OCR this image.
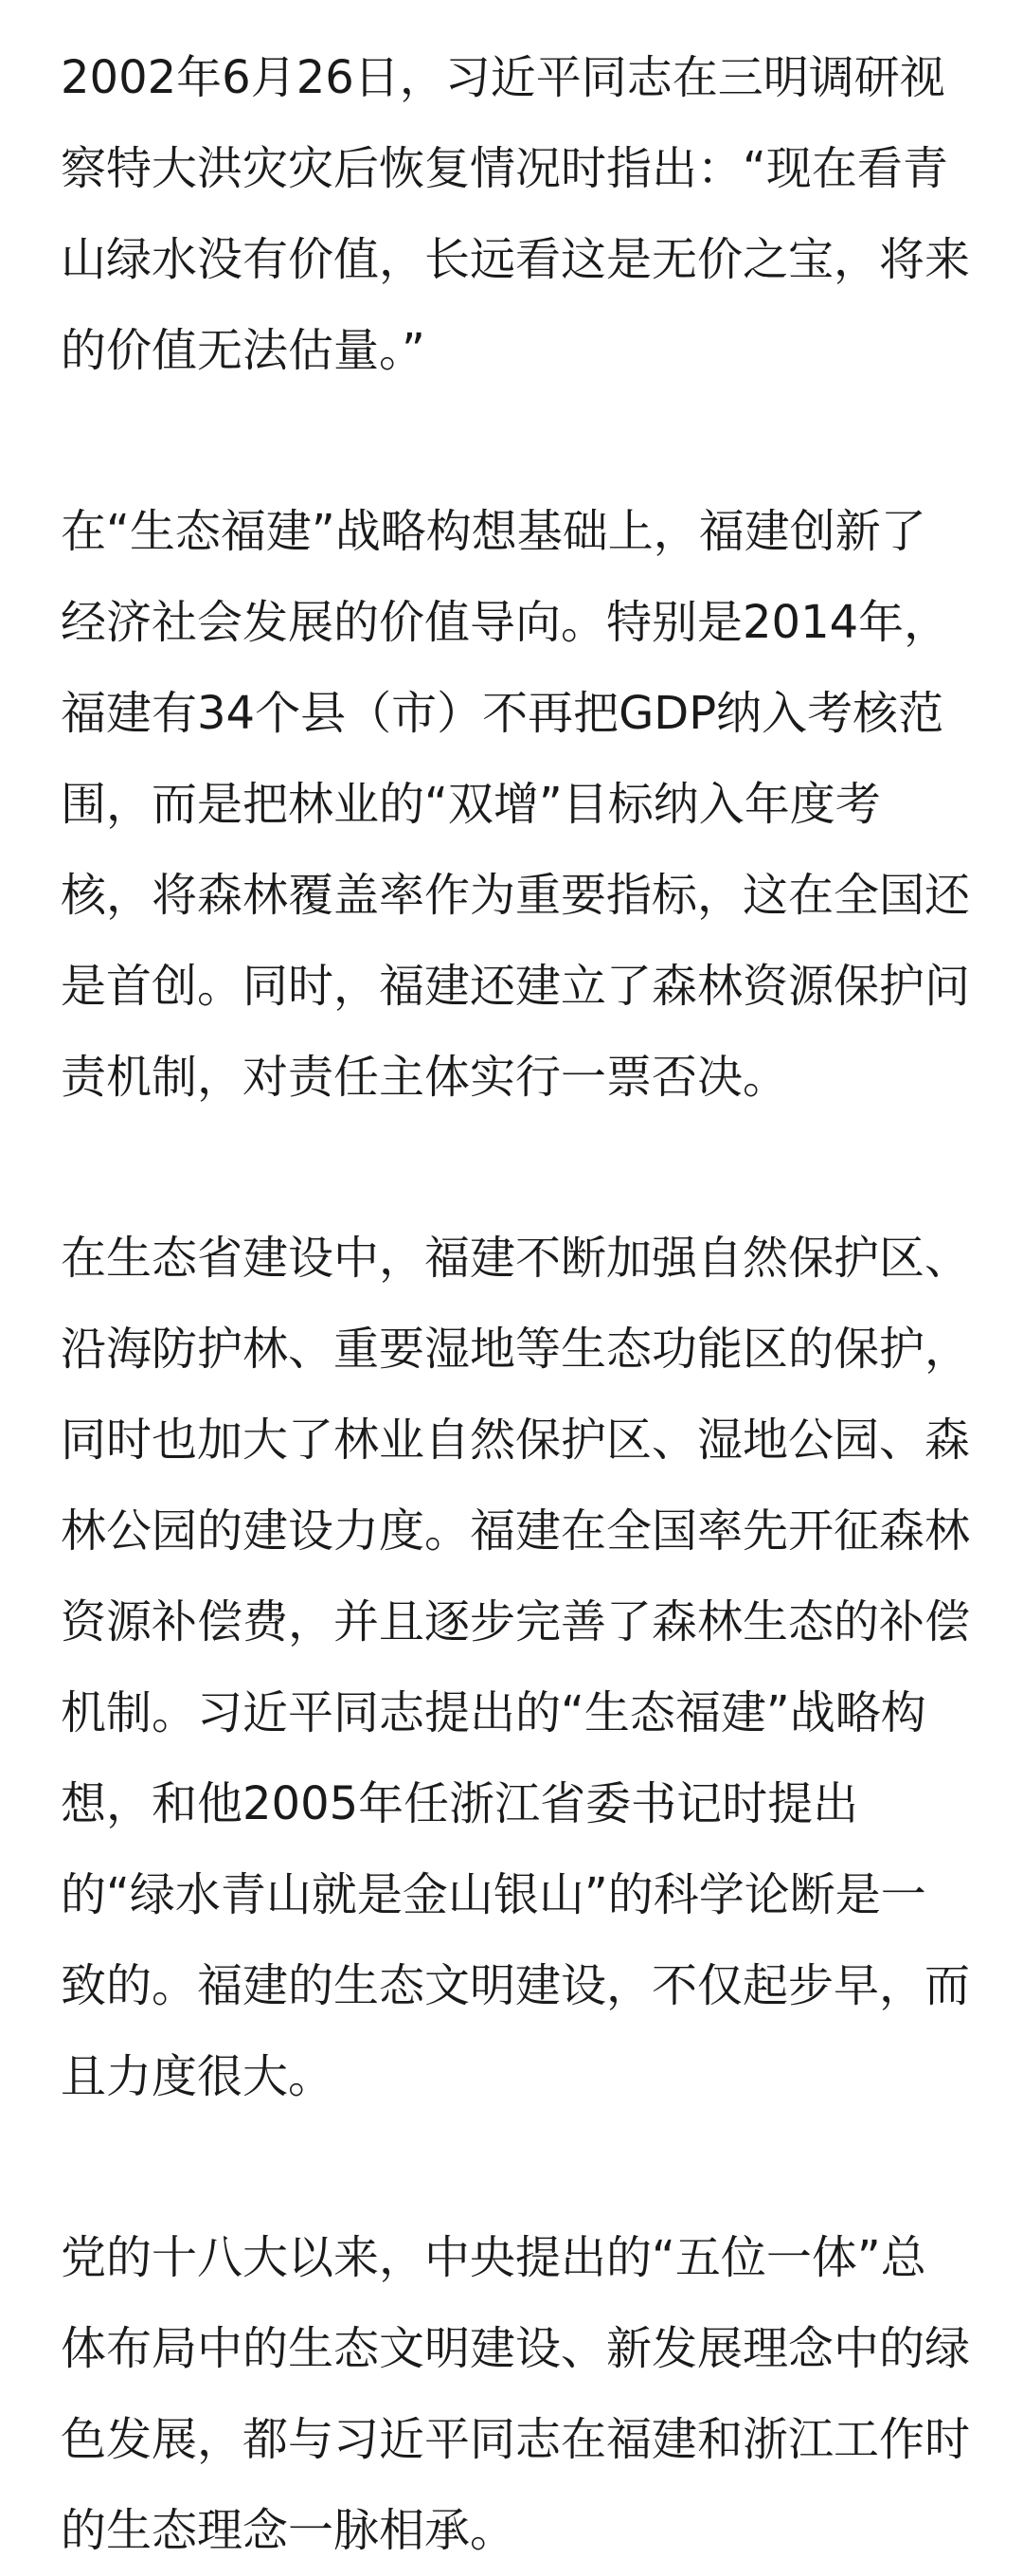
2002年6月26日，习近平同志在三明调研视察特大洪灾灾后恢复情况时指出：“现在看青山绿水没有价值，长远看这是无价之宝，将来的价值无法估量。”

在“生态福建”战略构想基础上，福建创新了经济社会发展的价值导向。特别是2014年，福建有34个县（市）不再把GDP纳入考核范围，而是把林业的“双增”目标纳入年度考核，将森林覆盖率作为重要指标，这在全国还是首创。同时，福建还建立了森林资源保护问责机制，对责任主体实行一票否决。

在生态省建设中，福建不断加强自然保护区、沿海防护林、重要湿地等生态功能区的保护，同时也加大了林业自然保护区、湿地公园、森林公园的建设力度。福建在全国率先开征森林资源补偿费，并且逐步完善了森林生态的补偿机制。习近平同志提出的“生态福建”战略构想，和他2005年任浙江省委书记时提出的“绿水青山就是金山银山”的科学论断是一致的。福建的生态文明建设，不仅起步早，而且力度很大。

党的十八大以来，中央提出的“五位一体”总体布局中的生态文明建设、新发展理念中的绿色发展，都与习近平同志在福建和浙江工作时的生态理念一脉相承。
